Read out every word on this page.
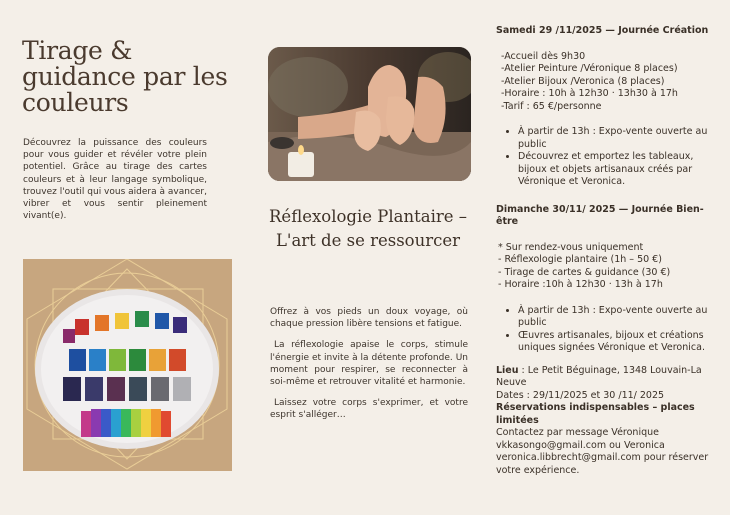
Tirage & guidance par les couleurs
Découvrez la puissance des couleurs pour vous guider et révéler votre plein potentiel. Grâce au tirage des cartes couleurs et à leur langage symbolique, trouvez l'outil qui vous aidera à avancer, vibrer et vous sentir pleinement vivant(e).	Réflexologie Plantaire –
L'art de se ressourcer

Offrez à vos pieds un doux voyage, où chaque pression libère tensions et fatigue.

La réflexologie apaise le corps, stimule l'énergie et invite à la détente profonde. Un moment pour respirer, se reconnecter à soi-même et retrouver vitalité et harmonie.

Laissez votre corps s'exprimer, et votre esprit s'alléger…

Samedi 29 /11/2025 — Journée Création
-Accueil dès 9h30
-Atelier Peinture /Véronique 8 places)
-Atelier Bijoux /Veronica (8 places)
-Horaire : 10h à 12h30 · 13h30 à 17h
-Tarif : 65 €/personne
• À partir de 13h : Expo-vente ouverte au public
• Découvrez et emportez les tableaux, bijoux et objets artisanaux créés par Véronique et Veronica.
Dimanche 30/11/ 2025 — Journée Bien-être
* Sur rendez-vous uniquement
- Réflexologie plantaire (1h – 50 €)
- Tirage de cartes & guidance (30 €)
- Horaire :10h à 12h30 · 13h à 17h
• À partir de 13h : Expo-vente ouverte au public
• Œuvres artisanales, bijoux et créations uniques signées Véronique et Veronica.
Lieu : Le Petit Béguinage, 1348 Louvain-La Neuve
Dates : 29/11/2025 et 30 /11/ 2025
Réservations indispensables – places limitées
Contactez par message Véronique vkkasongo@gmail.com ou Veronica veronica.libbrecht@gmail.com pour réserver votre expérience.
